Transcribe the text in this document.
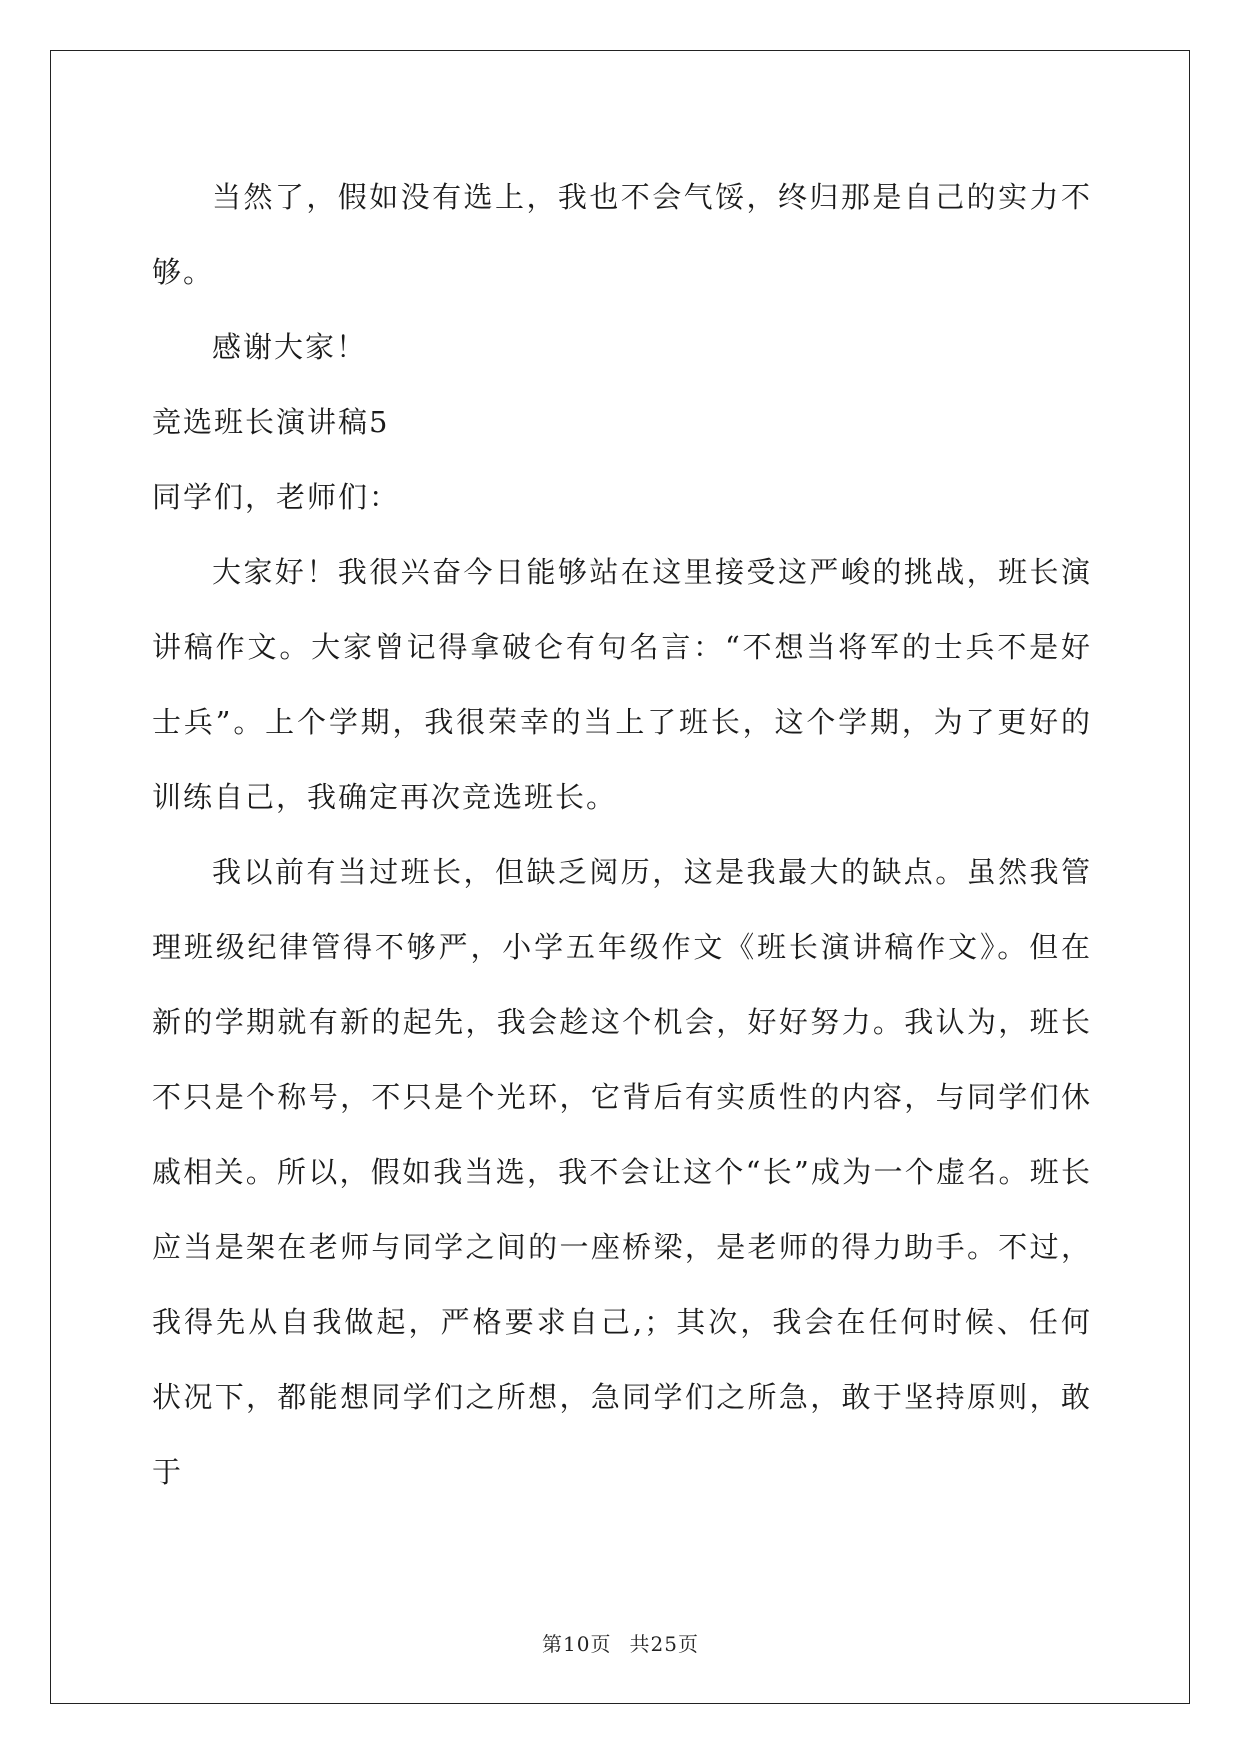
当然了，假如没有选上，我也不会气馁，终归那是自己的实力不够。

感谢大家！

竞选班长演讲稿5

同学们，老师们：

大家好！我很兴奋今日能够站在这里接受这严峻的挑战，班长演讲稿作文。大家曾记得拿破仑有句名言：“不想当将军的士兵不是好士兵”。上个学期，我很荣幸的当上了班长，这个学期，为了更好的训练自己，我确定再次竞选班长。

我以前有当过班长，但缺乏阅历，这是我最大的缺点。虽然我管理班级纪律管得不够严，小学五年级作文《班长演讲稿作文》。但在新的学期就有新的起先，我会趁这个机会，好好努力。我认为，班长不只是个称号，不只是个光环，它背后有实质性的内容，与同学们休戚相关。所以，假如我当选，我不会让这个“长”成为一个虚名。班长应当是架在老师与同学之间的一座桥梁，是老师的得力助手。不过，我得先从自我做起，严格要求自己,；其次，我会在任何时候、任何状况下，都能想同学们之所想，急同学们之所急，敢于坚持原则，敢于

第10页 共25页
